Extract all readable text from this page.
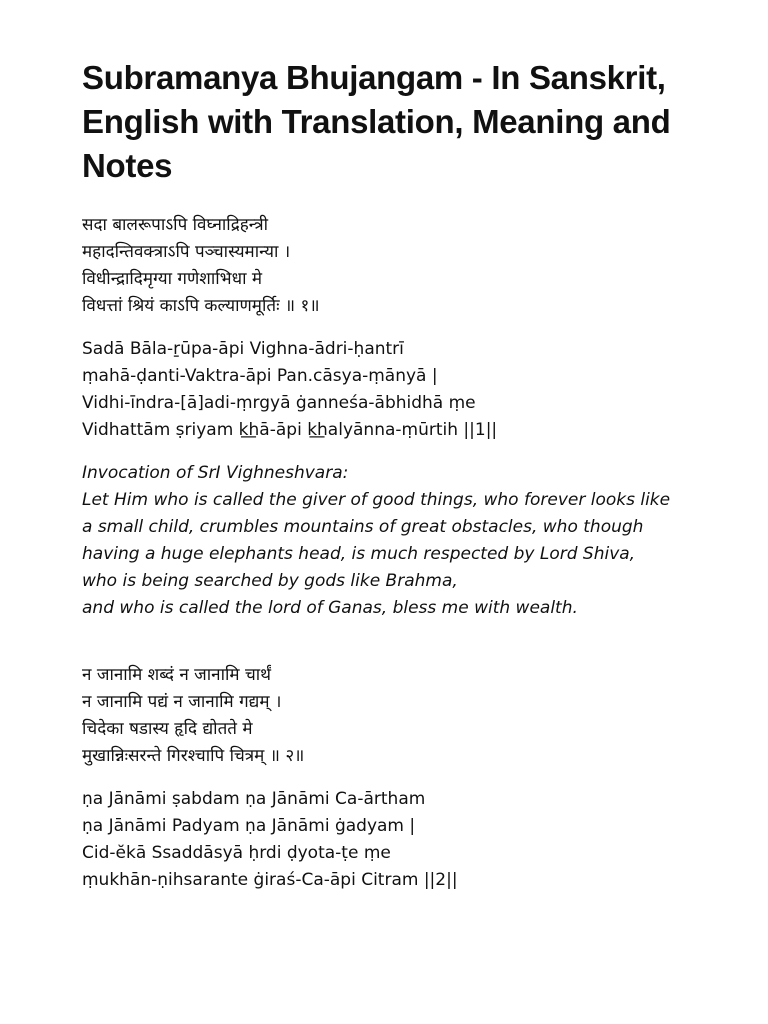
Subramanya Bhujangam - In Sanskrit, English with Translation, Meaning and Notes
सदा बालरूपाऽपि विघ्नाद्रिहन्त्री
महादन्तिवक्त्राऽपि पञ्चास्यमान्या ।
विधीन्द्रादिमृग्या गणेशाभिधा मे
विधत्तां श्रियं काऽपि कल्याणमूर्तिः ॥ १॥
Sadā Bāla-ṟūpa-āpi Vighna-ādri-ḥantrī
ṃahā-ḍanti-Vaktra-āpi Pan.cāsya-ṃānyā |
Vidhi-īndra-[ā]adi-ṃrgyā ġanneśa-ābhidhā ṃe
Vidhattām ṣriyam k͟hā-āpi k͟halyānna-ṃūrtih ||1||
Invocation of SrI Vighneshvara:
Let Him who is called the giver of good things, who forever looks like
a small child, crumbles mountains of great obstacles, who though
having a huge elephants head, is much respected by Lord Shiva,
who is being searched by gods like Brahma,
and who is called the lord of Ganas, bless me with wealth.
न जानामि शब्दं न जानामि चार्थं
न जानामि पद्यं न जानामि गद्यम् ।
चिदेका षडास्य हृदि द्योतते मे
मुखान्निःसरन्ते गिरश्चापि चित्रम् ॥ २॥
ṇa Jānāmi ṣabdam ṇa Jānāmi Ca-ārtham
ṇa Jānāmi Padyam ṇa Jānāmi ġadyam |
Cid-ĕkā Ssaddāsyā ḥrdi ḍyota-ṭe ṃe
ṃukhān-ṇihsarante ġiraś-Ca-āpi Citram ||2||
